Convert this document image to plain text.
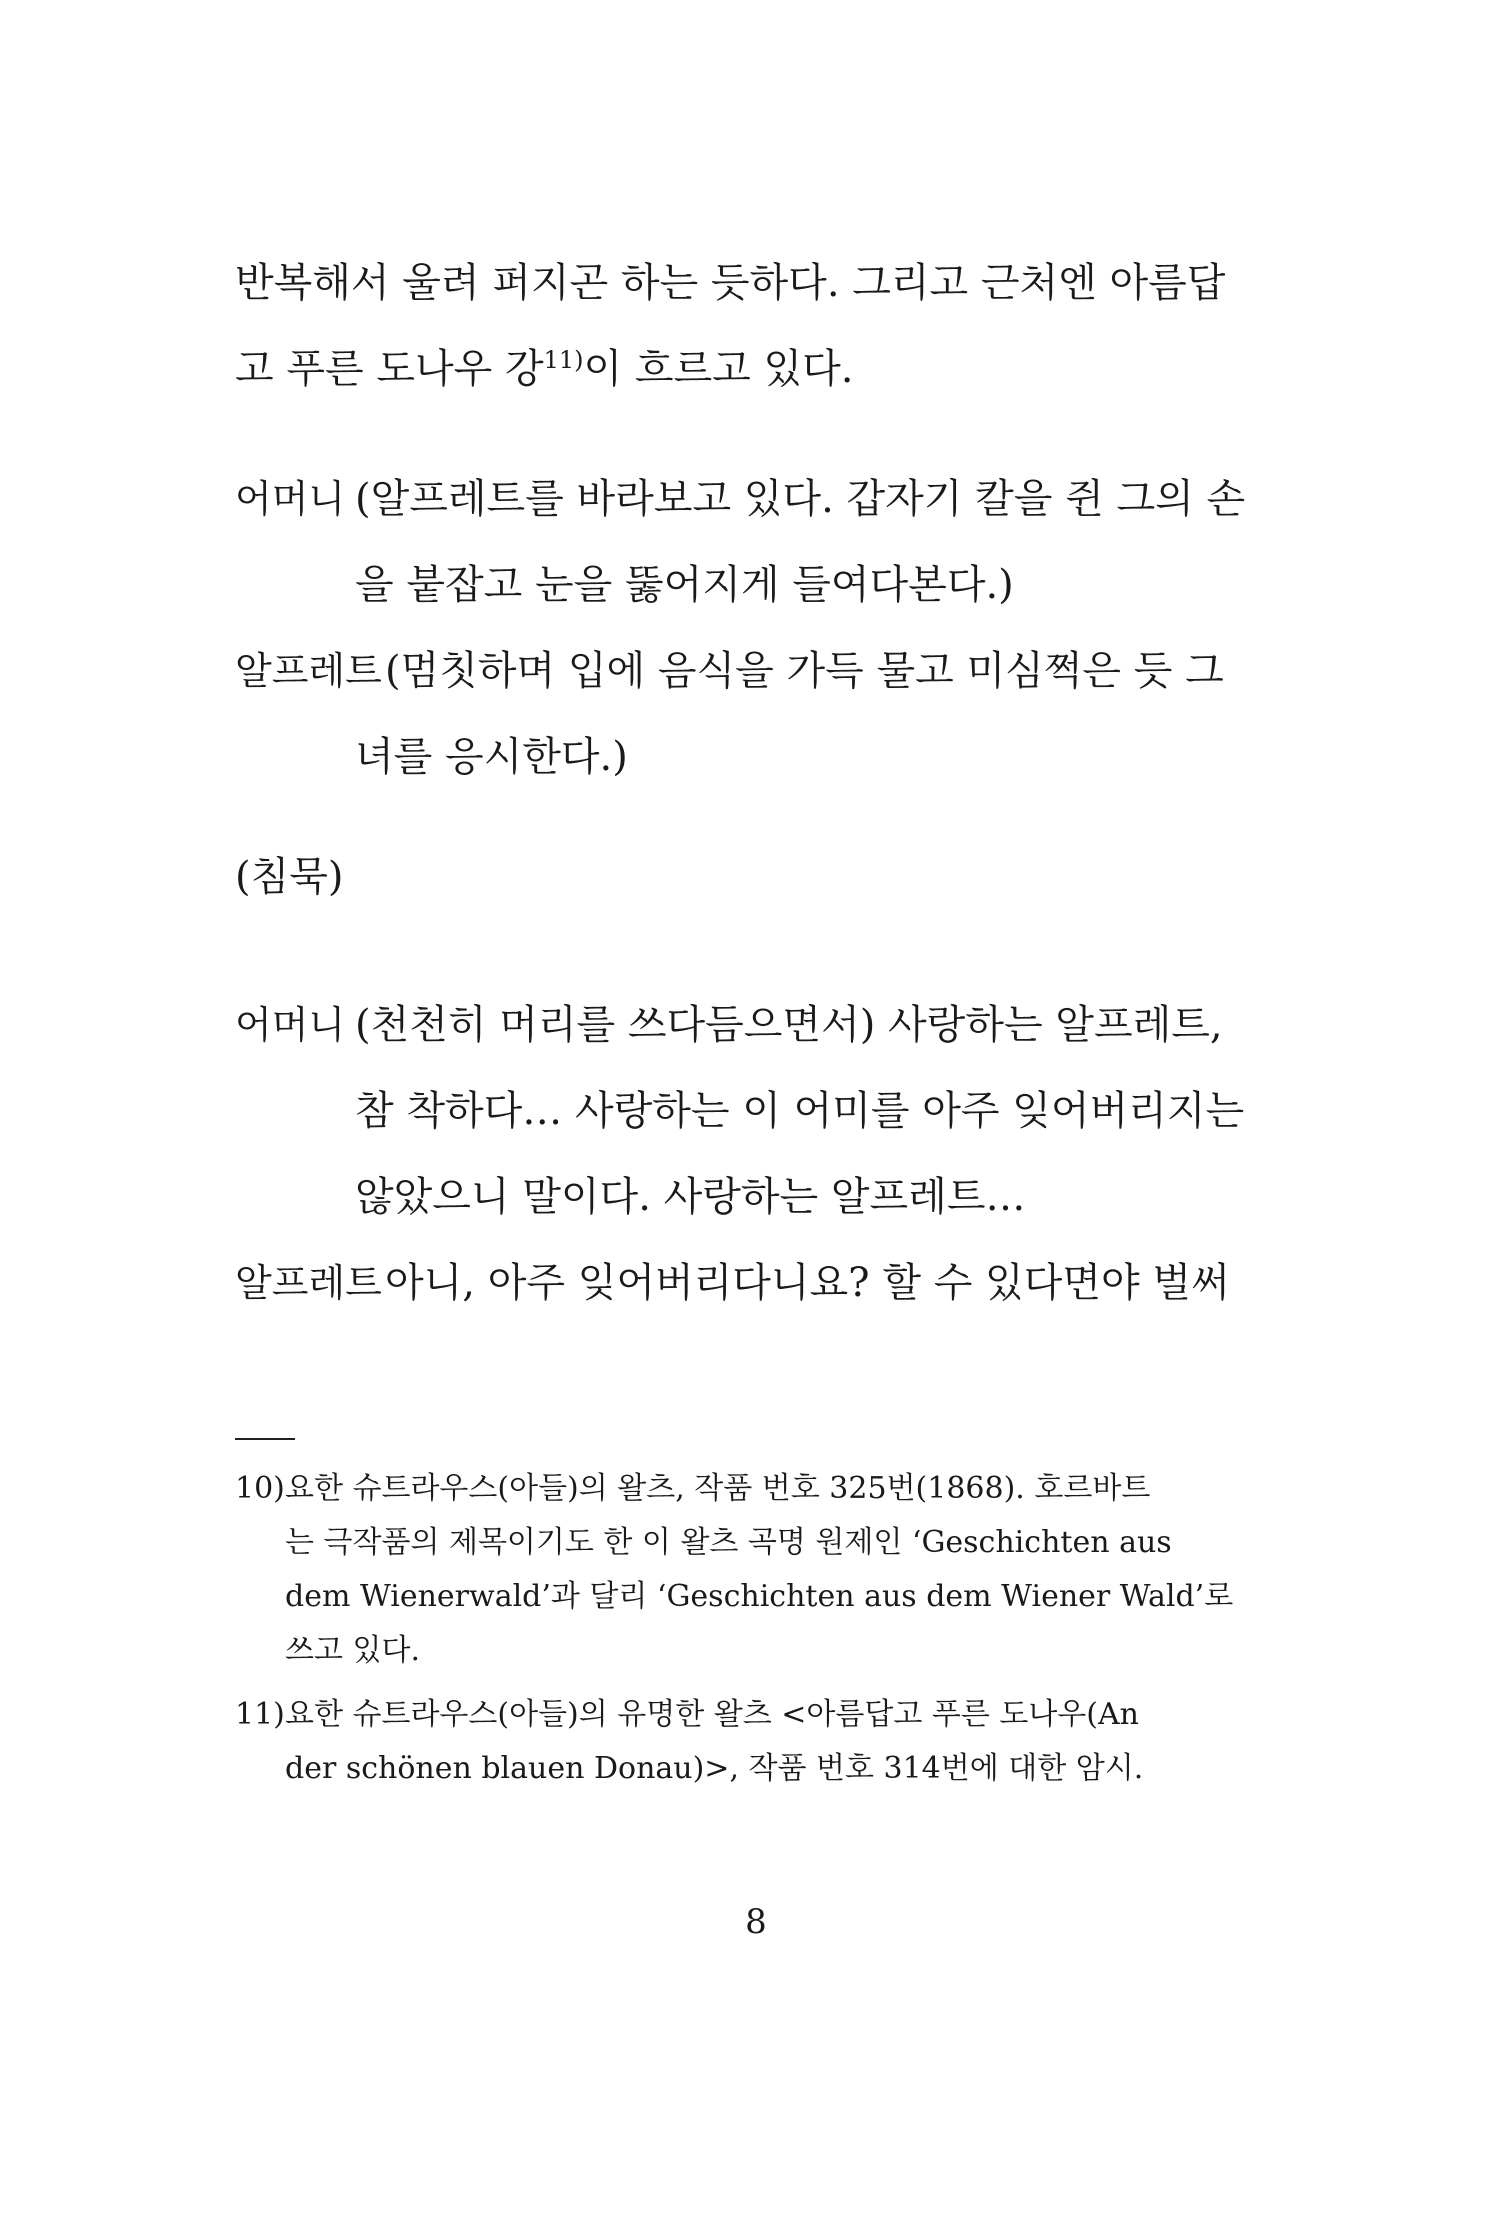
반복해서 울려 퍼지곤 하는 듯하다. 그리고 근처엔 아름답
고 푸른 도나우 강$^{11)}$이 흐르고 있다.
어머니 (알프레트를 바라보고 있다. 갑자기 칼을 쥔 그의 손
을 붙잡고 눈을 뚫어지게 들여다본다.)
알프레트(멈칫하며 입에 음식을 가득 물고 미심쩍은 듯 그
녀를 응시한다.)
(침묵)
어머니 (천천히 머리를 쓰다듬으면서) 사랑하는 알프레트,
참 착하다… 사랑하는 이 어미를 아주 잊어버리지는
않았으니 말이다. 사랑하는 알프레트…
알프레트아니, 아주 잊어버리다니요? 할 수 있다면야 벌써
10)요한 슈트라우스(아들)의 왈츠, 작품 번호 325번(1868). 호르바트
는 극작품의 제목이기도 한 이 왈츠 곡명 원제인 ‘Geschichten aus
dem Wienerwald’과 달리 ‘Geschichten aus dem Wiener Wald’로
쓰고 있다.
11)요한 슈트라우스(아들)의 유명한 왈츠 <아름답고 푸른 도나우(An
der schönen blauen Donau)>, 작품 번호 314번에 대한 암시.
8
